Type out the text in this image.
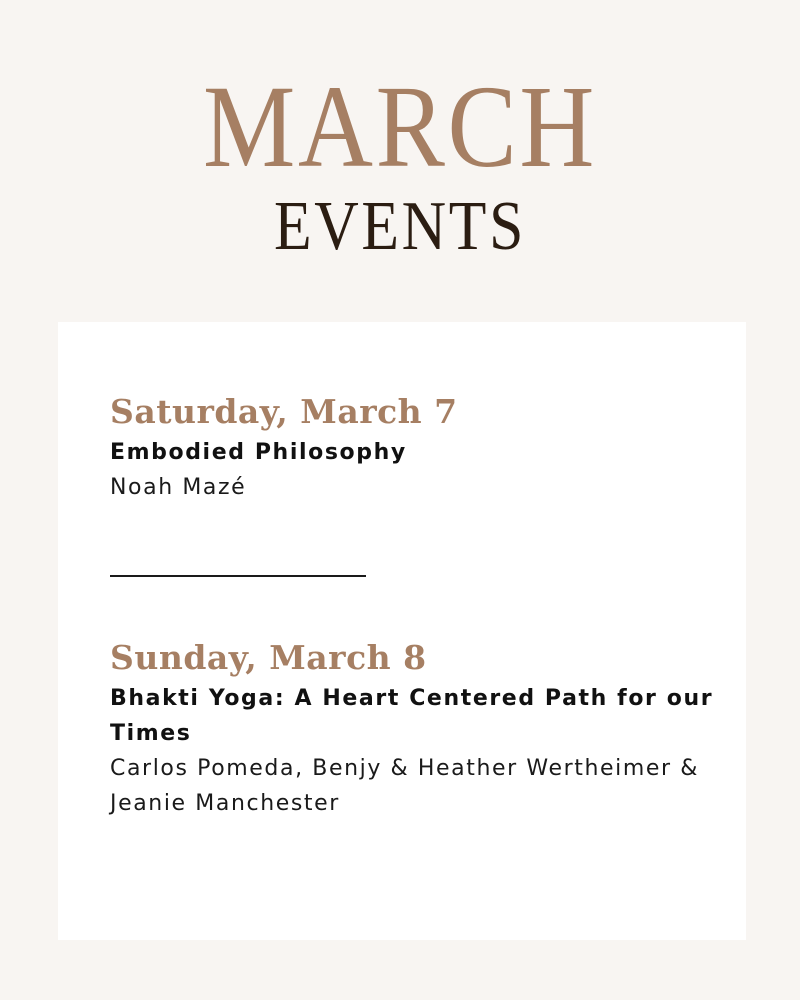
MARCH
EVENTS
Saturday, March 7
Embodied Philosophy
Noah Mazé
Sunday, March 8
Bhakti Yoga: A Heart Centered Path for our Times
Carlos Pomeda, Benjy & Heather Wertheimer & Jeanie Manchester
